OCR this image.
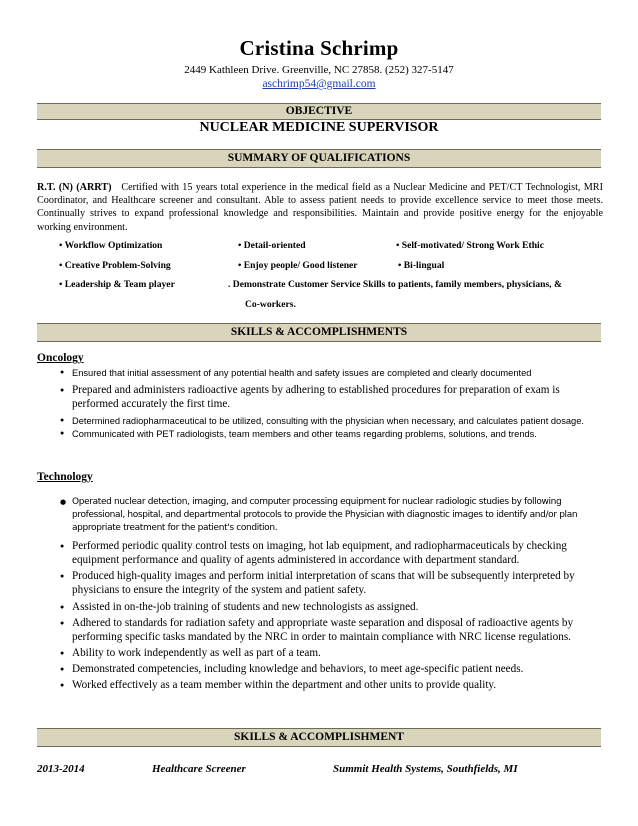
Cristina Schrimp
2449 Kathleen Drive. Greenville, NC 27858. (252) 327-5147
aschrimp54@gmail.com
OBJECTIVE
NUCLEAR MEDICINE SUPERVISOR
SUMMARY OF QUALIFICATIONS
R.T. (N) (ARRT) Certified with 15 years total experience in the medical field as a Nuclear Medicine and PET/CT Technologist, MRI Coordinator, and Healthcare screener and consultant. Able to assess patient needs to provide excellence service to meet those meets. Continually strives to expand professional knowledge and responsibilities. Maintain and provide positive energy for the enjoyable working environment.
• Workflow Optimization	• Detail-oriented	• Self-motivated/ Strong Work Ethic
• Creative Problem-Solving	• Enjoy people/ Good listener	• Bi-lingual
• Leadership & Team player	. Demonstrate Customer Service Skills to patients, family members, physicians, &
Co-workers.
SKILLS & ACCOMPLISHMENTS
Oncology
● Ensured that initial assessment of any potential health and safety issues are completed and clearly documented
● Prepared and administers radioactive agents by adhering to established procedures for preparation of exam is performed accurately the first time.
● Determined radiopharmaceutical to be utilized, consulting with the physician when necessary, and calculates patient dosage.
● Communicated with PET radiologists, team members and other teams regarding problems, solutions, and trends.
Technology
● Operated nuclear detection, imaging, and computer processing equipment for nuclear radiologic studies by following professional, hospital, and departmental protocols to provide the Physician with diagnostic images to identify and/or plan appropriate treatment for the patient's condition.
● Performed periodic quality control tests on imaging, hot lab equipment, and radiopharmaceuticals by checking equipment performance and quality of agents administered in accordance with department standard.
● Produced high-quality images and perform initial interpretation of scans that will be subsequently interpreted by physicians to ensure the integrity of the system and patient safety.
● Assisted in on-the-job training of students and new technologists as assigned.
● Adhered to standards for radiation safety and appropriate waste separation and disposal of radioactive agents by performing specific tasks mandated by the NRC in order to maintain compliance with NRC license regulations.
● Ability to work independently as well as part of a team.
● Demonstrated competencies, including knowledge and behaviors, to meet age-specific patient needs.
● Worked effectively as a team member within the department and other units to provide quality.
SKILLS & ACCOMPLISHMENT
2013-2014	Healthcare Screener	Summit Health Systems, Southfields, MI
